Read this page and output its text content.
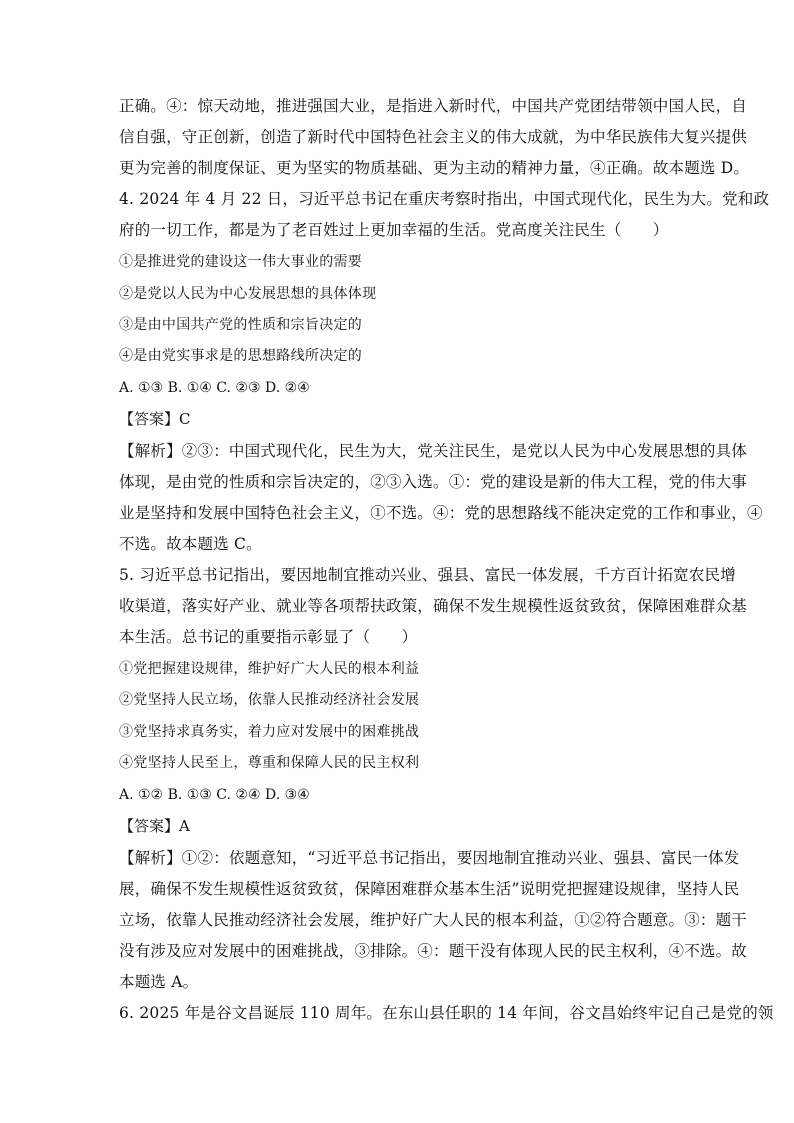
正确。④：惊天动地，推进强国大业，是指进入新时代，中国共产党团结带领中国人民，自
信自强，守正创新，创造了新时代中国特色社会主义的伟大成就，为中华民族伟大复兴提供
更为完善的制度保证、更为坚实的物质基础、更为主动的精神力量，④正确。故本题选 D。
4. 2024 年 4 月 22 日，习近平总书记在重庆考察时指出，中国式现代化，民生为大。党和政
府的一切工作，都是为了老百姓过上更加幸福的生活。党高度关注民生（　　）
①是推进党的建设这一伟大事业的需要
②是党以人民为中心发展思想的具体体现
③是由中国共产党的性质和宗旨决定的
④是由党实事求是的思想路线所决定的
A. ①③ B. ①④ C. ②③ D. ②④
【答案】C
【解析】②③：中国式现代化，民生为大，党关注民生，是党以人民为中心发展思想的具体
体现，是由党的性质和宗旨决定的，②③入选。①：党的建设是新的伟大工程，党的伟大事
业是坚持和发展中国特色社会主义，①不选。④：党的思想路线不能决定党的工作和事业，④
不选。故本题选 C。
5. 习近平总书记指出，要因地制宜推动兴业、强县、富民一体发展，千方百计拓宽农民增
收渠道，落实好产业、就业等各项帮扶政策，确保不发生规模性返贫致贫，保障困难群众基
本生活。总书记的重要指示彰显了（　　）
①党把握建设规律，维护好广大人民的根本利益
②党坚持人民立场，依靠人民推动经济社会发展
③党坚持求真务实，着力应对发展中的困难挑战
④党坚持人民至上，尊重和保障人民的民主权利
A. ①② B. ①③ C. ②④ D. ③④
【答案】A
【解析】①②：依题意知，“习近平总书记指出，要因地制宜推动兴业、强县、富民一体发
展，确保不发生规模性返贫致贫，保障困难群众基本生活”说明党把握建设规律，坚持人民
立场，依靠人民推动经济社会发展，维护好广大人民的根本利益，①②符合题意。③：题干
没有涉及应对发展中的困难挑战，③排除。④：题干没有体现人民的民主权利，④不选。故
本题选 A。
6. 2025 年是谷文昌诞辰 110 周年。在东山县任职的 14 年间，谷文昌始终牢记自己是党的领
